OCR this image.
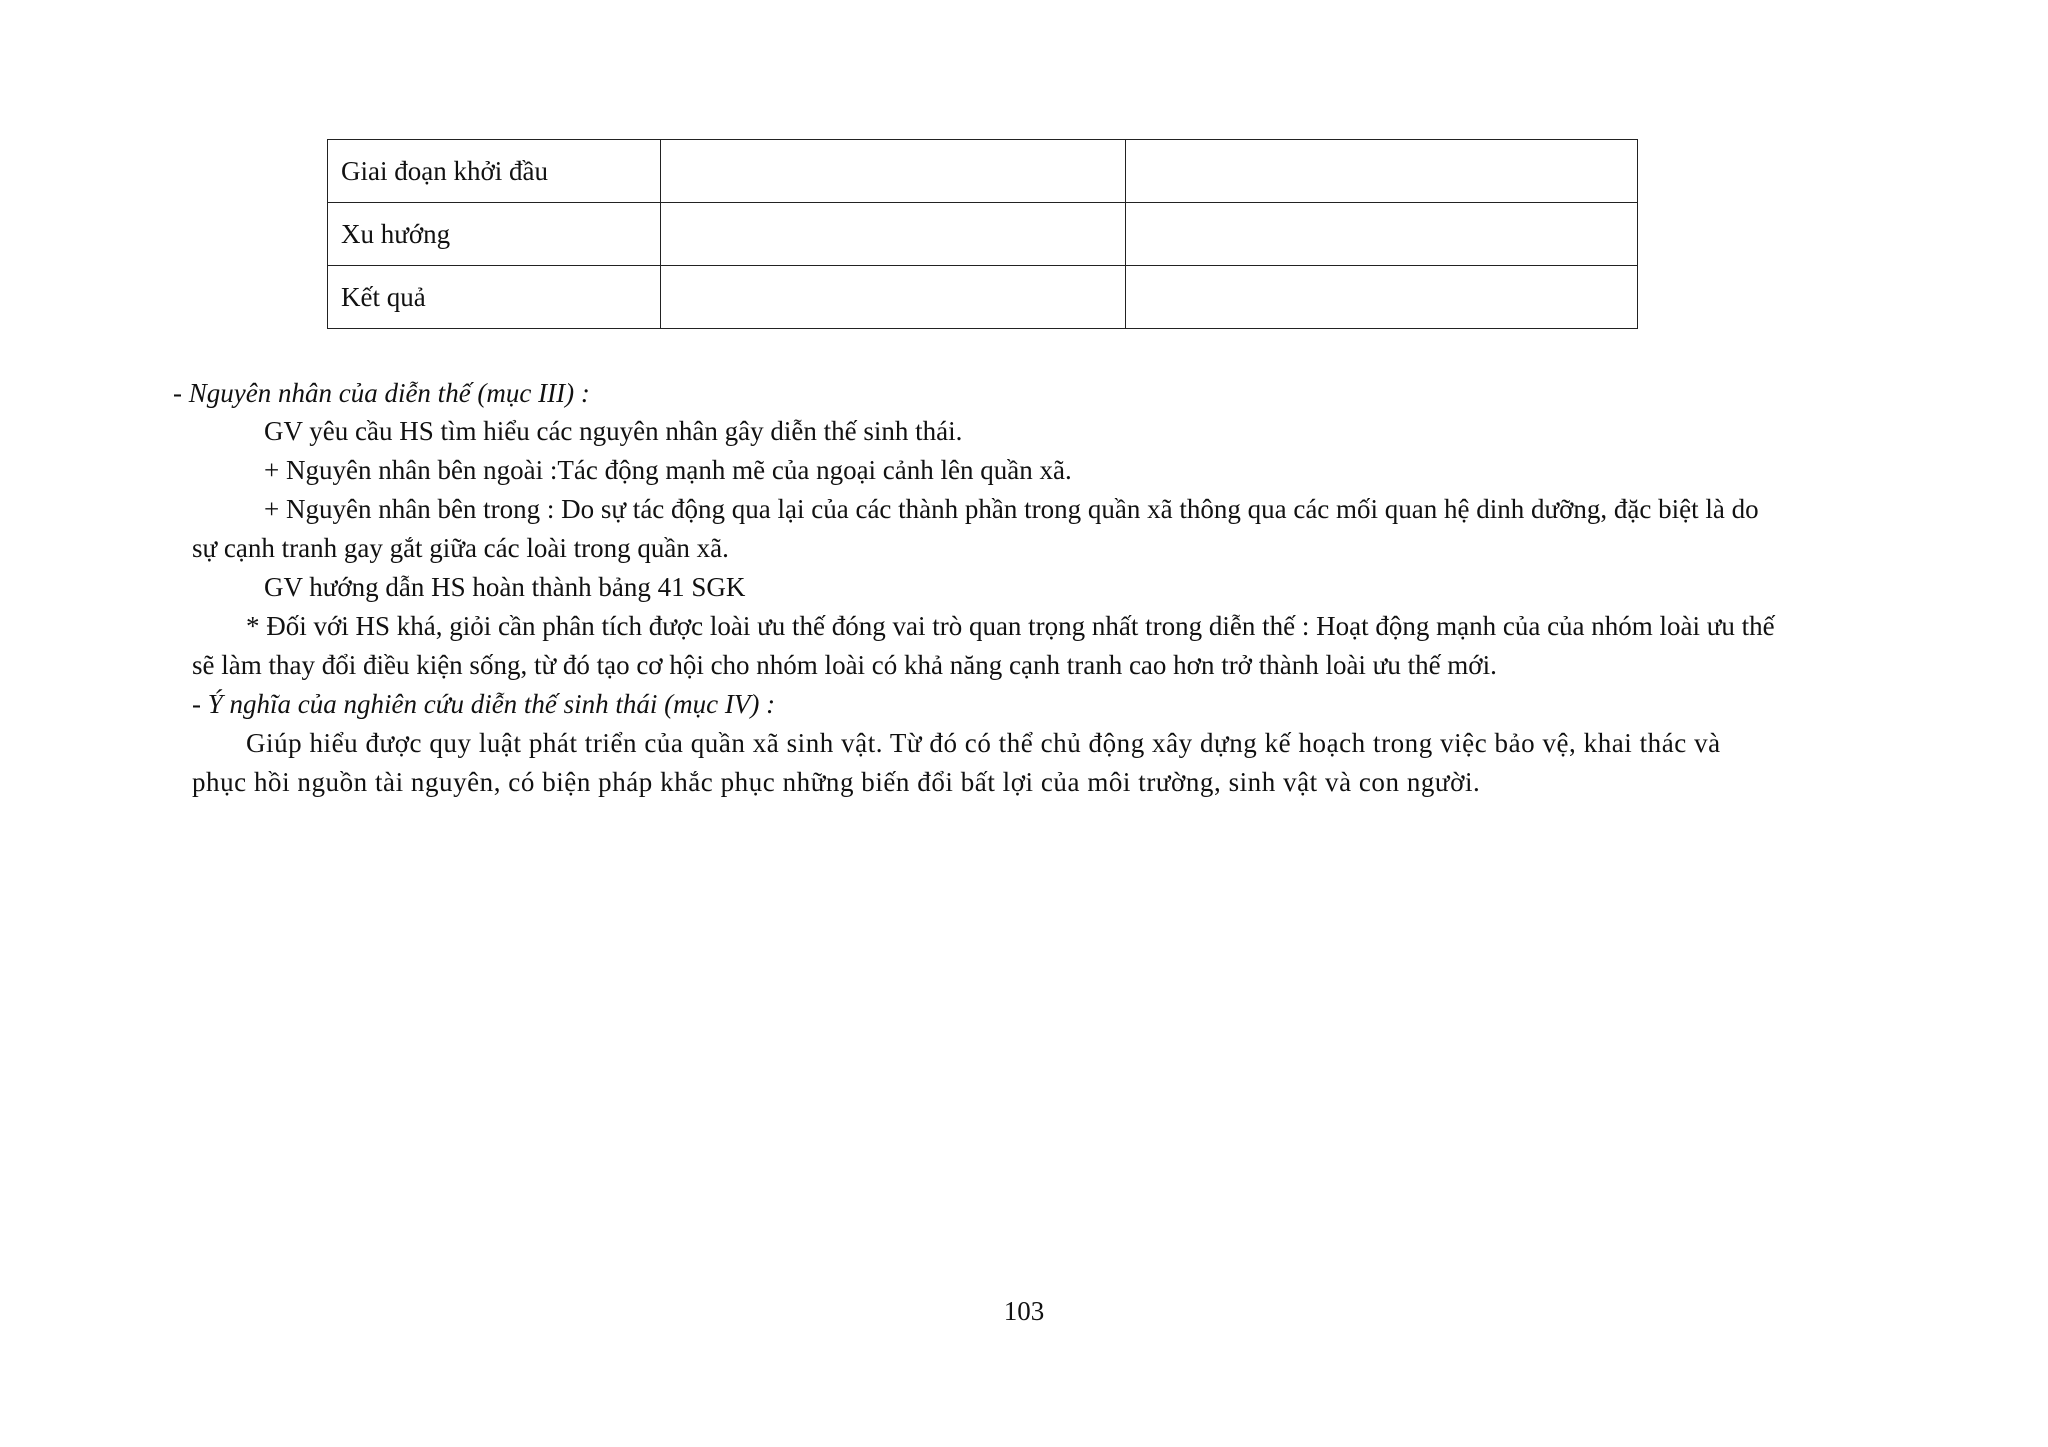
Giai đoạn khởi đầu		
Xu hướng		
Kết quả		
- Nguyên nhân của diễn thế (mục III) :
GV yêu cầu HS tìm hiểu các nguyên nhân gây diễn thế sinh thái.
+ Nguyên nhân bên ngoài :Tác động mạnh mẽ của ngoại cảnh lên quần xã.
+ Nguyên nhân bên trong : Do sự tác động qua lại của các thành phần trong quần xã thông qua các mối quan hệ dinh dưỡng, đặc biệt là do
sự cạnh tranh gay gắt giữa các loài trong quần xã.
GV hướng dẫn HS hoàn thành bảng 41 SGK
* Đối với HS khá, giỏi cần phân tích được loài ưu thế đóng vai trò quan trọng nhất trong diễn thế : Hoạt động mạnh của của nhóm loài ưu thế
sẽ làm thay đổi điều kiện sống, từ đó tạo cơ hội cho nhóm loài có khả năng cạnh tranh cao hơn trở thành loài ưu thế mới.
- Ý nghĩa của nghiên cứu diễn thế sinh thái (mục IV) :
Giúp hiểu được quy luật phát triển của quần xã sinh vật. Từ đó có thể chủ động xây dựng kế hoạch trong việc bảo vệ, khai thác và
phục hồi nguồn tài nguyên, có biện pháp khắc phục những biến đổi bất lợi của môi trường, sinh vật và con người.
103
